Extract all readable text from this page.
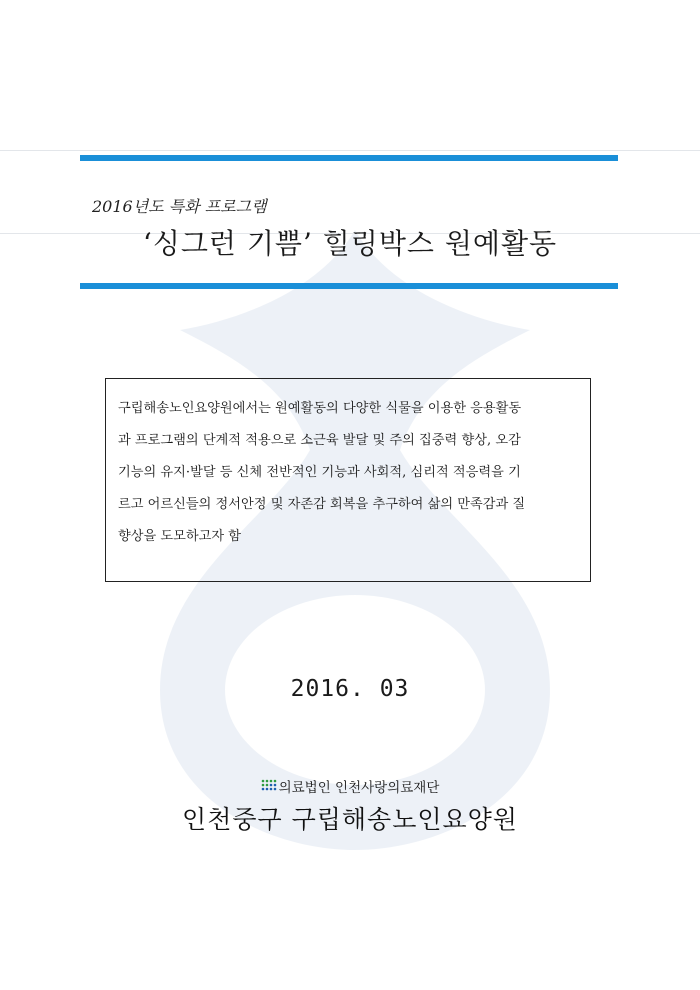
2016년도 특화 프로그램
‘싱그런 기쁨’ 힐링박스 원예활동
구립해송노인요양원에서는 원예활동의 다양한 식물을 이용한 응용활동
과 프로그램의 단계적 적용으로 소근육 발달 및 주의 집중력 향상, 오감
기능의 유지·발달 등 신체 전반적인 기능과 사회적, 심리적 적응력을 기
르고 어르신들의 정서안정 및 자존감 회복을 추구하여 삶의 만족감과 질
향상을 도모하고자 함
2016. 03
의료법인 인천사랑의료재단
인천중구 구립해송노인요양원
